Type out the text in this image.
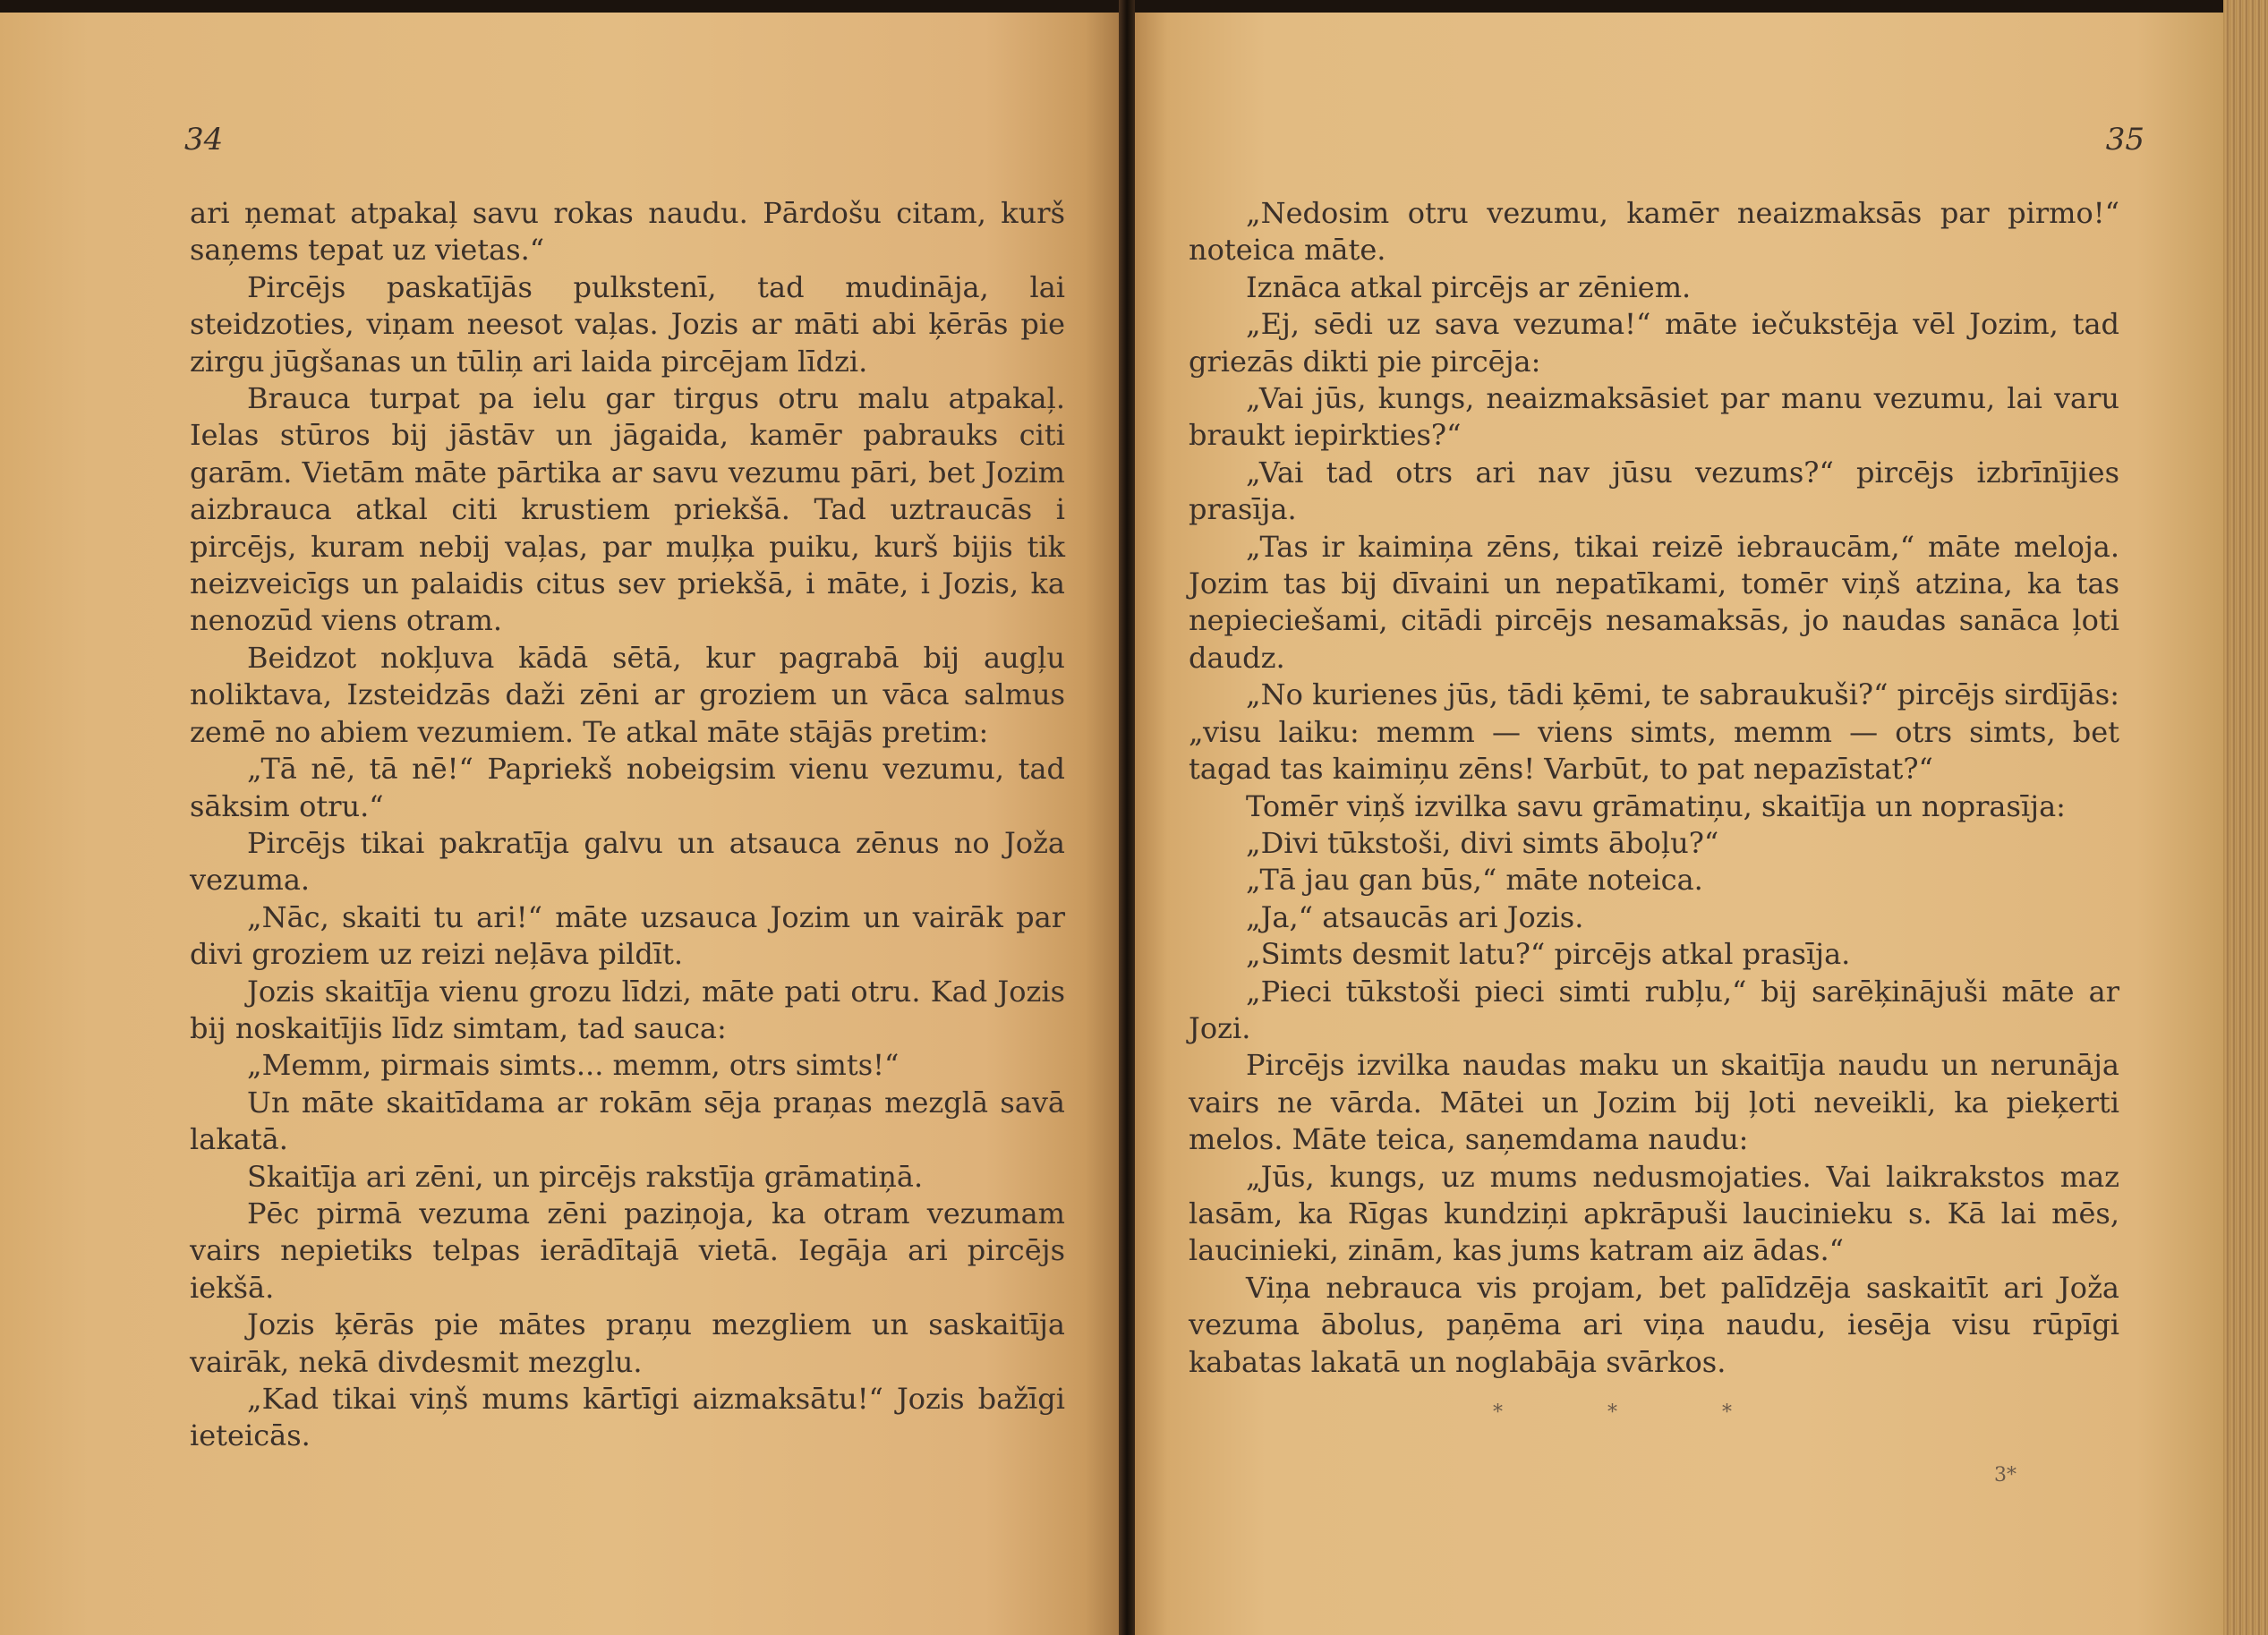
34

ari ņemat atpakaļ savu rokas naudu. Pārdošu citam, kurš saņems tepat uz vietas.“

Pircējs paskatījās pulkstenī, tad mudināja, lai steidzoties, viņam neesot vaļas. Jozis ar māti abi ķērās pie zirgu jūgšanas un tūliņ ari laida pircējam līdzi.

Brauca turpat pa ielu gar tirgus otru malu atpakaļ. Ielas stūros bij jāstāv un jāgaida, kamēr pabrauks citi garām. Vietām māte pārtika ar savu vezumu pāri, bet Jozim aizbrauca atkal citi krustiem priekšā. Tad uztraucās i pircējs, kuram nebij vaļas, par muļķa puiku, kurš bijis tik neizveicīgs un palaidis citus sev priekšā, i māte, i Jozis, ka nenozūd viens otram.

Beidzot nokļuva kādā sētā, kur pagrabā bij augļu noliktava, Izsteidzās daži zēni ar groziem un vāca salmus zemē no abiem vezumiem. Te atkal māte stājās pretim:

„Tā nē, tā nē!“ Papriekš nobeigsim vienu vezumu, tad sāksim otru.“

Pircējs tikai pakratīja galvu un atsauca zēnus no Joža vezuma.

„Nāc, skaiti tu ari!“ māte uzsauca Jozim un vairāk par divi groziem uz reizi neļāva pildīt.

Jozis skaitīja vienu grozu līdzi, māte pati otru. Kad Jozis bij noskaitījis līdz simtam, tad sauca:

„Memm, pirmais simts... memm, otrs simts!“

Un māte skaitīdama ar rokām sēja praņas mezglā savā lakatā.

Skaitīja ari zēni, un pircējs rakstīja grāmatiņā.

Pēc pirmā vezuma zēni paziņoja, ka otram vezumam vairs nepietiks telpas ierādītajā vietā. Iegāja ari pircējs iekšā.

Jozis ķērās pie mātes praņu mezgliem un saskaitīja vairāk, nekā divdesmit mezglu.

„Kad tikai viņš mums kārtīgi aizmaksātu!“ Jozis bažīgi ieteicās.

35

„Nedosim otru vezumu, kamēr neaizmaksās par pirmo!“ noteica māte.

Iznāca atkal pircējs ar zēniem.

„Ej, sēdi uz sava vezuma!“ māte iečukstēja vēl Jozim, tad griezās dikti pie pircēja:

„Vai jūs, kungs, neaizmaksāsiet par manu vezumu, lai varu braukt iepirkties?“

„Vai tad otrs ari nav jūsu vezums?“ pircējs izbrīnījies prasīja.

„Tas ir kaimiņa zēns, tikai reizē iebraucām,“ māte meloja. Jozim tas bij dīvaini un nepatīkami, tomēr viņš atzina, ka tas nepieciešami, citādi pircējs nesamaksās, jo naudas sanāca ļoti daudz.

„No kurienes jūs, tādi ķēmi, te sabraukuši?“ pircējs sirdījās: „visu laiku: memm — viens simts, memm — otrs simts, bet tagad tas kaimiņu zēns! Varbūt, to pat nepazīstat?“

Tomēr viņš izvilka savu grāmatiņu, skaitīja un noprasīja:

„Divi tūkstoši, divi simts āboļu?“

„Tā jau gan būs,“ māte noteica.

„Ja,“ atsaucās ari Jozis.

„Simts desmit latu?“ pircējs atkal prasīja.

„Pieci tūkstoši pieci simti rubļu,“ bij sarēķinājuši māte ar Jozi.

Pircējs izvilka naudas maku un skaitīja naudu un nerunāja vairs ne vārda. Mātei un Jozim bij ļoti neveikli, ka pieķerti melos. Māte teica, saņemdama naudu:

„Jūs, kungs, uz mums nedusmojaties. Vai laikrakstos maz lasām, ka Rīgas kundziņi apkrāpuši laucinieku s. Kā lai mēs, laucinieki, zinām, kas jums katram aiz ādas.“

Viņa nebrauca vis projam, bet palīdzēja saskaitīt ari Joža vezuma ābolus, paņēma ari viņa naudu, iesēja visu rūpīgi kabatas lakatā un noglabāja svārkos.

* * *
3*
